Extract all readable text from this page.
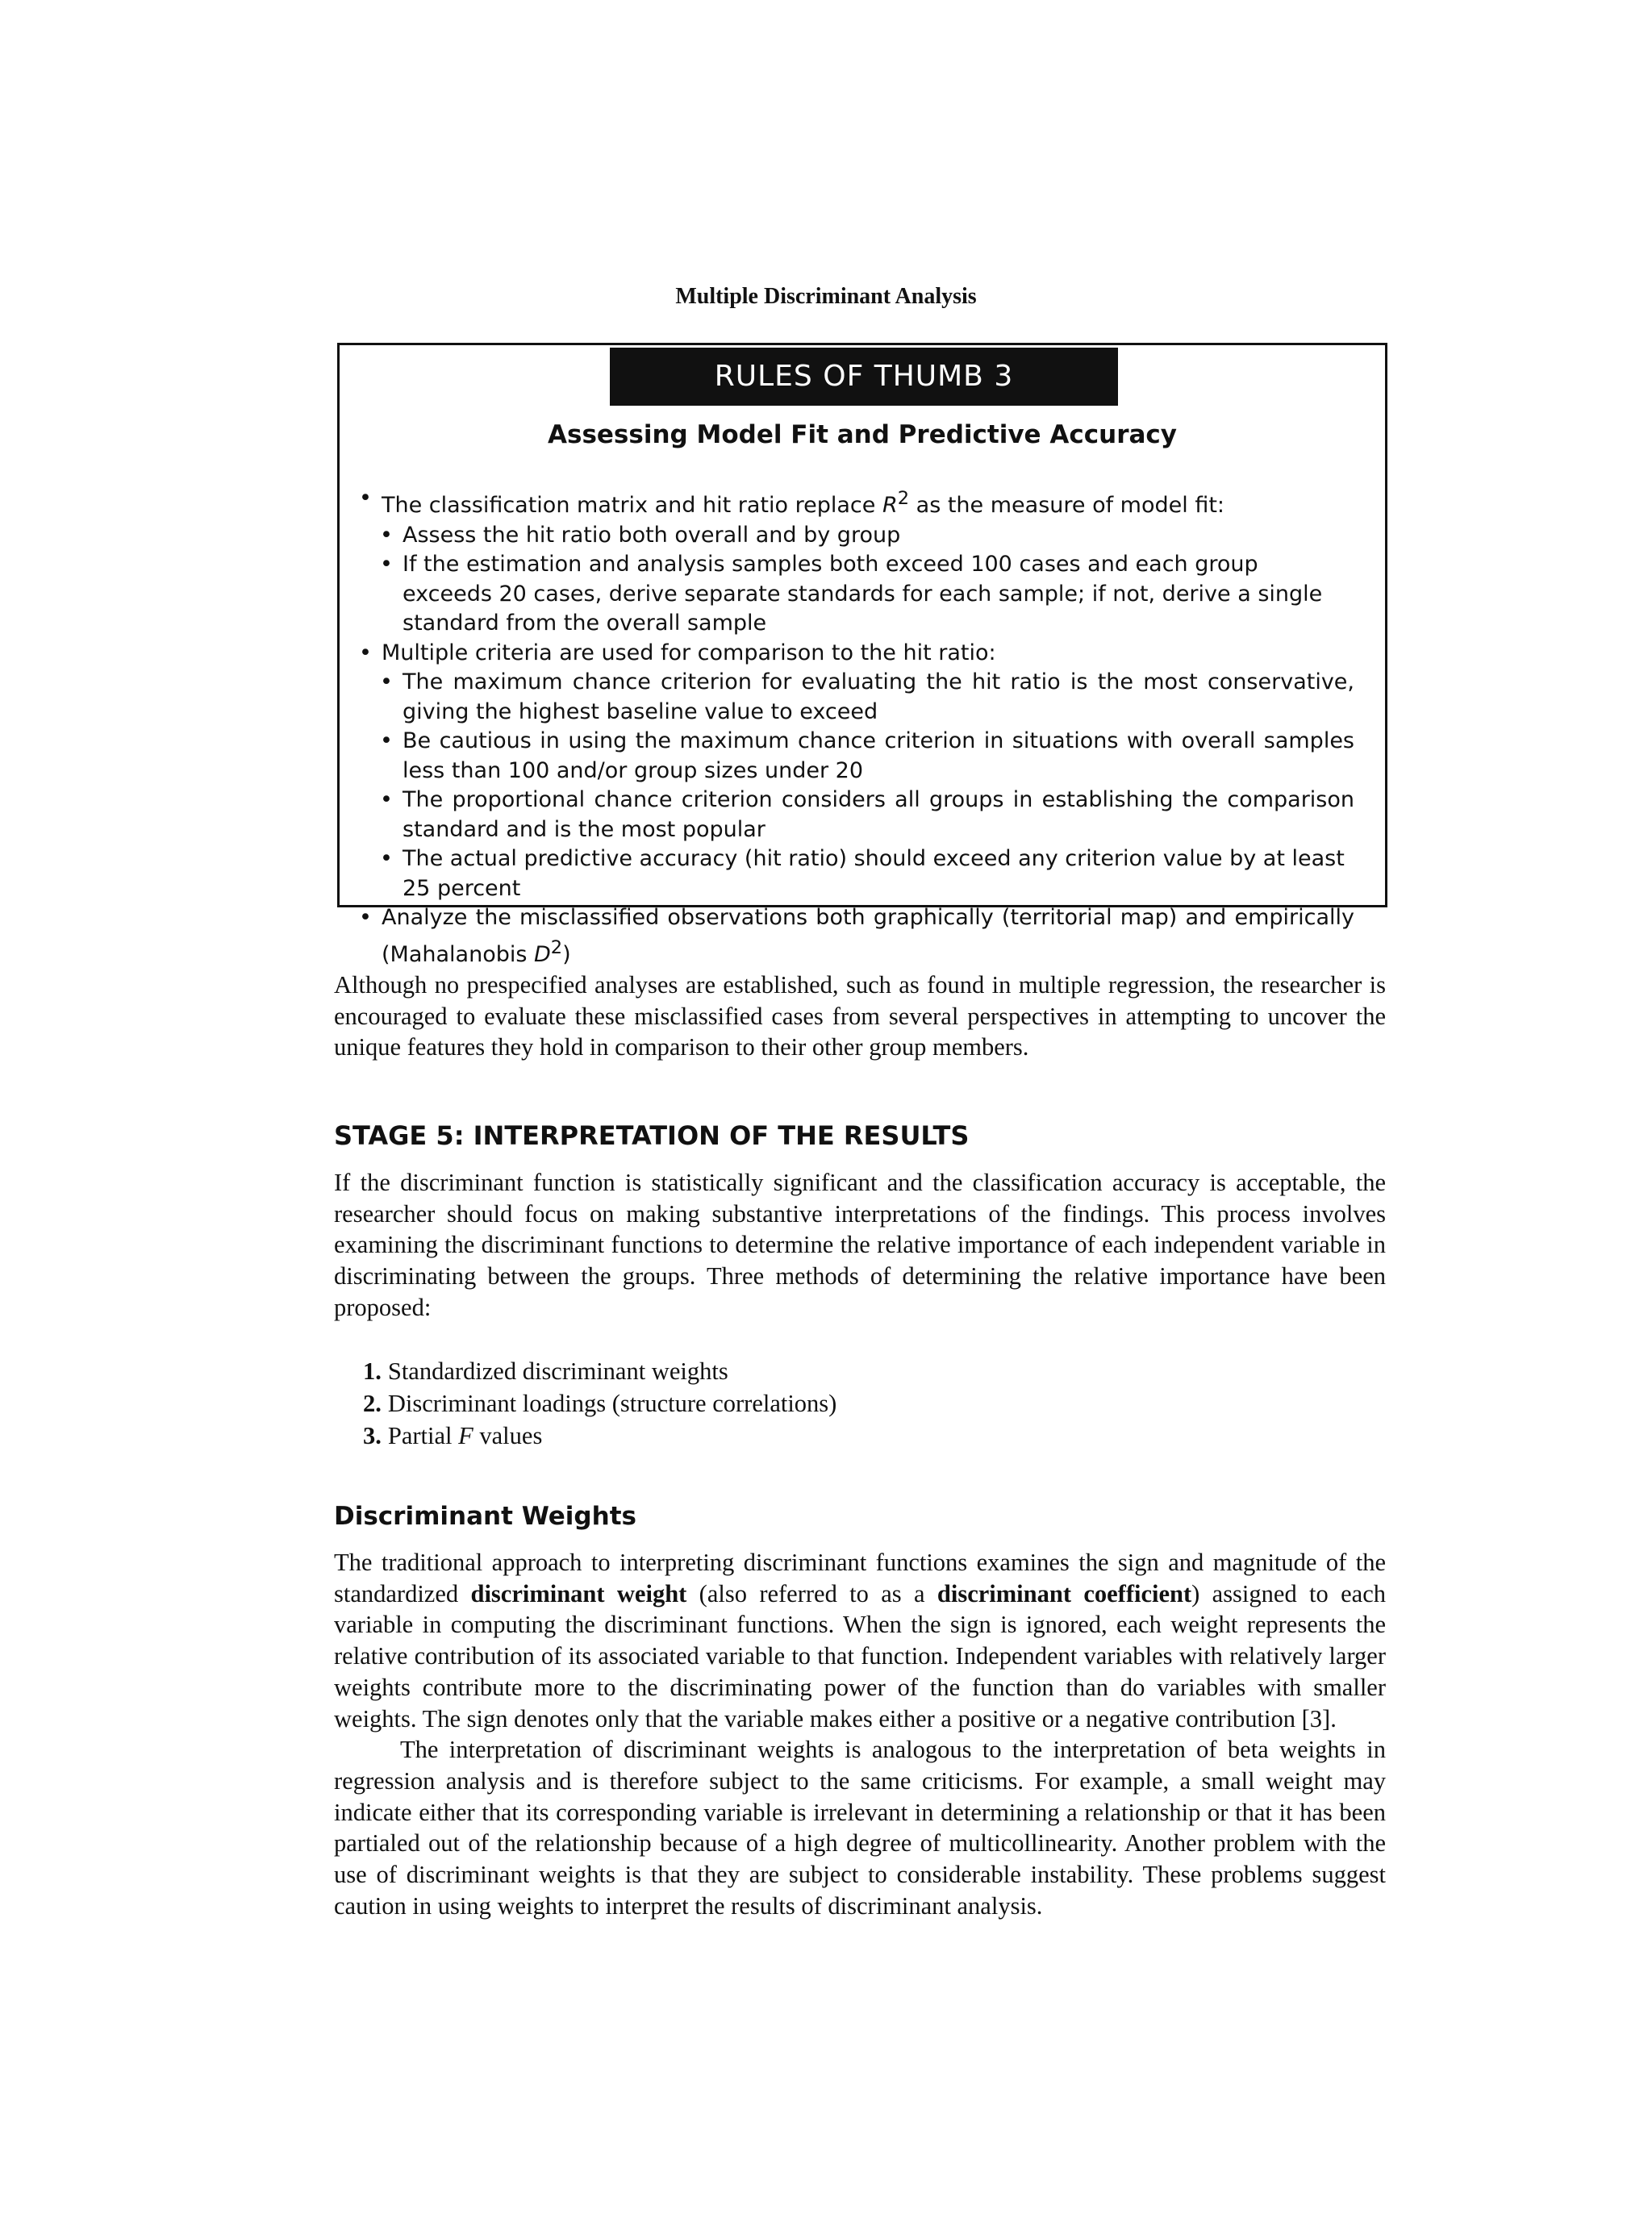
Multiple Discriminant Analysis
RULES OF THUMB 3
Assessing Model Fit and Predictive Accuracy
• The classification matrix and hit ratio replace $R^2$ as the measure of model fit:
• Assess the hit ratio both overall and by group
• If the estimation and analysis samples both exceed 100 cases and each group exceeds 20 cases, derive separate standards for each sample; if not, derive a single standard from the overall sample
• Multiple criteria are used for comparison to the hit ratio:
• The maximum chance criterion for evaluating the hit ratio is the most conservative, giving the highest baseline value to exceed
• Be cautious in using the maximum chance criterion in situations with overall samples less than 100 and/or group sizes under 20
• The proportional chance criterion considers all groups in establishing the comparison standard and is the most popular
• The actual predictive accuracy (hit ratio) should exceed any criterion value by at least 25 percent
• Analyze the misclassified observations both graphically (territorial map) and empirically (Mahalanobis $D^2$)

Although no prespecified analyses are established, such as found in multiple regression, the researcher is encouraged to evaluate these misclassified cases from several perspectives in attempting to uncover the unique features they hold in comparison to their other group members.

STAGE 5: INTERPRETATION OF THE RESULTS

If the discriminant function is statistically significant and the classification accuracy is acceptable, the researcher should focus on making substantive interpretations of the findings. This process involves examining the discriminant functions to determine the relative importance of each independent variable in discriminating between the groups. Three methods of determining the relative importance have been proposed:

1. Standardized discriminant weights
2. Discriminant loadings (structure correlations)
3. Partial F values
Discriminant Weights

The traditional approach to interpreting discriminant functions examines the sign and magnitude of the standardized discriminant weight (also referred to as a discriminant coefficient) assigned to each variable in computing the discriminant functions. When the sign is ignored, each weight represents the relative contribution of its associated variable to that function. Independent variables with relatively larger weights contribute more to the discriminating power of the function than do variables with smaller weights. The sign denotes only that the variable makes either a positive or a negative contribution [3].

The interpretation of discriminant weights is analogous to the interpretation of beta weights in regression analysis and is therefore subject to the same criticisms. For example, a small weight may indicate either that its corresponding variable is irrelevant in determining a relationship or that it has been partialed out of the relationship because of a high degree of multicollinearity. Another problem with the use of discriminant weights is that they are subject to considerable instability. These problems suggest caution in using weights to interpret the results of discriminant analysis.
